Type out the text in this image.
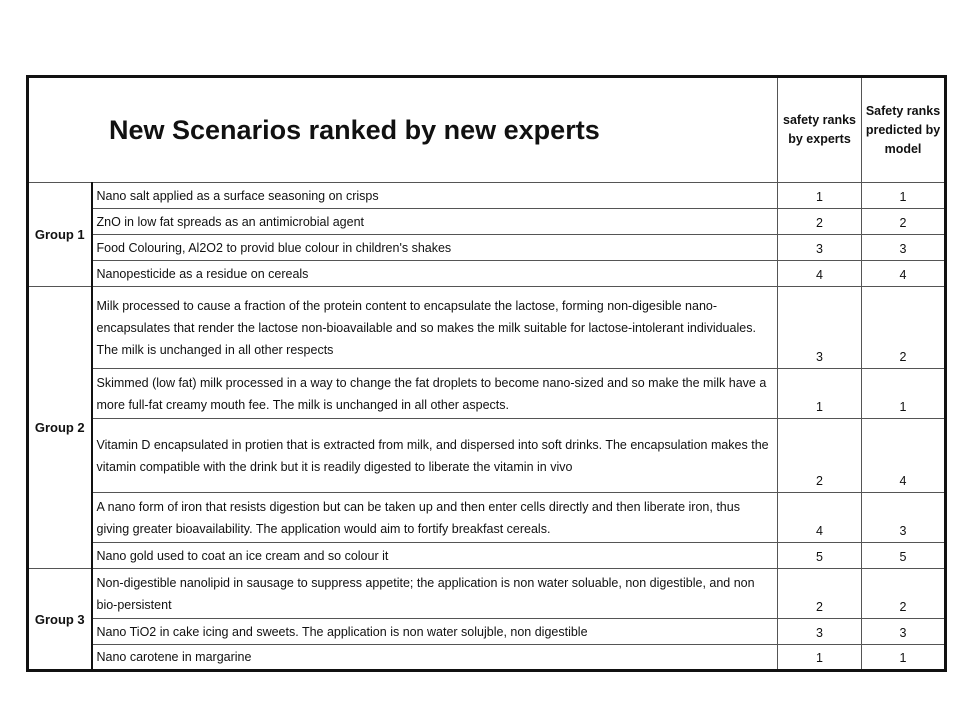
New Scenarios ranked by new experts		safety ranks by experts	Safety ranks predicted by model
Group 1	Nano salt applied as a surface seasoning on crisps	1	1
	ZnO in low fat spreads as an antimicrobial agent	2	2
	Food Colouring, Al2O2 to provid blue colour in children's shakes	3	3
	Nanopesticide as a residue on cereals	4	4
Group 2	Milk processed to cause a fraction of the protein content to encapsulate the lactose, forming non-digesible nano-encapsulates that render the lactose non-bioavailable and so makes the milk suitable for lactose-intolerant individuales. The milk is unchanged in all other respects	3	2
	Skimmed (low fat) milk processed in a way to change the fat droplets to become nano-sized and so make the milk have a more full-fat creamy mouth fee. The milk is unchanged in all other aspects.	1	1
	Vitamin D encapsulated in protien that is extracted from milk, and dispersed into soft drinks. The encapsulation makes the vitamin compatible with the drink but it is readily digested to liberate the vitamin in vivo	2	4
	A nano form of iron that resists digestion but can be taken up and then enter cells directly and then liberate iron, thus giving greater bioavailability. The application would aim to fortify breakfast cereals.	4	3
	Nano gold used to coat an ice cream and so colour it	5	5
Group 3	Non-digestible nanolipid in sausage to suppress appetite; the application is non water soluable, non digestible, and non bio-persistent	2	2
	Nano TiO2 in cake icing and sweets. The application is non water solujble, non digestible	3	3
	Nano carotene in margarine	1	1
